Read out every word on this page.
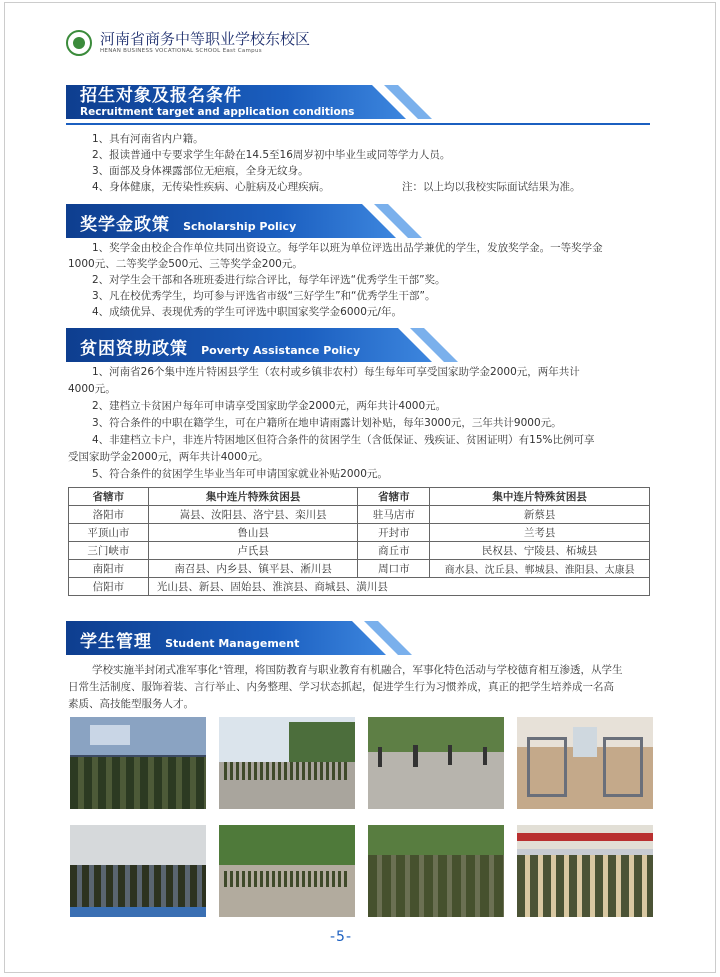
河南省商务中等职业学校东校区
HENAN BUSINESS VOCATIONAL SCHOOL East Campus
招生对象及报名条件
Recruitment target and application conditions

1、具有河南省内户籍。

2、报读普通中专要求学生年龄在14.5至16周岁初中毕业生或同等学力人员。

3、面部及身体裸露部位无疤痕，全身无纹身。

4、身体健康，无传染性疾病、心脏病及心理疾病。	注：以上均以我校实际面试结果为准。
奖学金政策 Scholarship Policy

1、奖学金由校企合作单位共同出资设立。每学年以班为单位评选出品学兼优的学生，发放奖学金。一等奖学金

1000元、二等奖学金500元、三等奖学金200元。

2、对学生会干部和各班班委进行综合评比，每学年评选“优秀学生干部”奖。

3、凡在校优秀学生，均可参与评选省市级“三好学生”和“优秀学生干部”。

4、成绩优异、表现优秀的学生可评选中职国家奖学金6000元/年。

贫困资助政策 Poverty Assistance Policy

1、河南省26个集中连片特困县学生（农村或乡镇非农村）每生每年可享受国家助学金2000元，两年共计

4000元。

2、建档立卡贫困户每年可申请享受国家助学金2000元，两年共计4000元。

3、符合条件的中职在籍学生，可在户籍所在地申请雨露计划补贴，每年3000元，三年共计9000元。

4、非建档立卡户，非连片特困地区但符合条件的贫困学生（含低保证、残疾证、贫困证明）有15%比例可享

受国家助学金2000元，两年共计4000元。

5、符合条件的贫困学生毕业当年可申请国家就业补贴2000元。

省辖市	集中连片特殊贫困县	省辖市	集中连片特殊贫困县
洛阳市	嵩县、汝阳县、洛宁县、栾川县	驻马店市	新蔡县
平顶山市	鲁山县	开封市	兰考县
三门峡市	卢氏县	商丘市	民权县、宁陵县、柘城县
南阳市	南召县、内乡县、镇平县、淅川县	周口市	商水县、沈丘县、郸城县、淮阳县、太康县
信阳市	光山县、新县、固始县、淮滨县、商城县、潢川县		
学生管理 Student Management

学校实施半封闭式准军事化⁺管理，将国防教育与职业教育有机融合，军事化特色活动与学校德育相互渗透，从学生

日常生活制度、服饰着装、言行举止、内务整理、学习状态抓起，促进学生行为习惯养成，真正的把学生培养成一名高

素质、高技能型服务人才。

-5-
